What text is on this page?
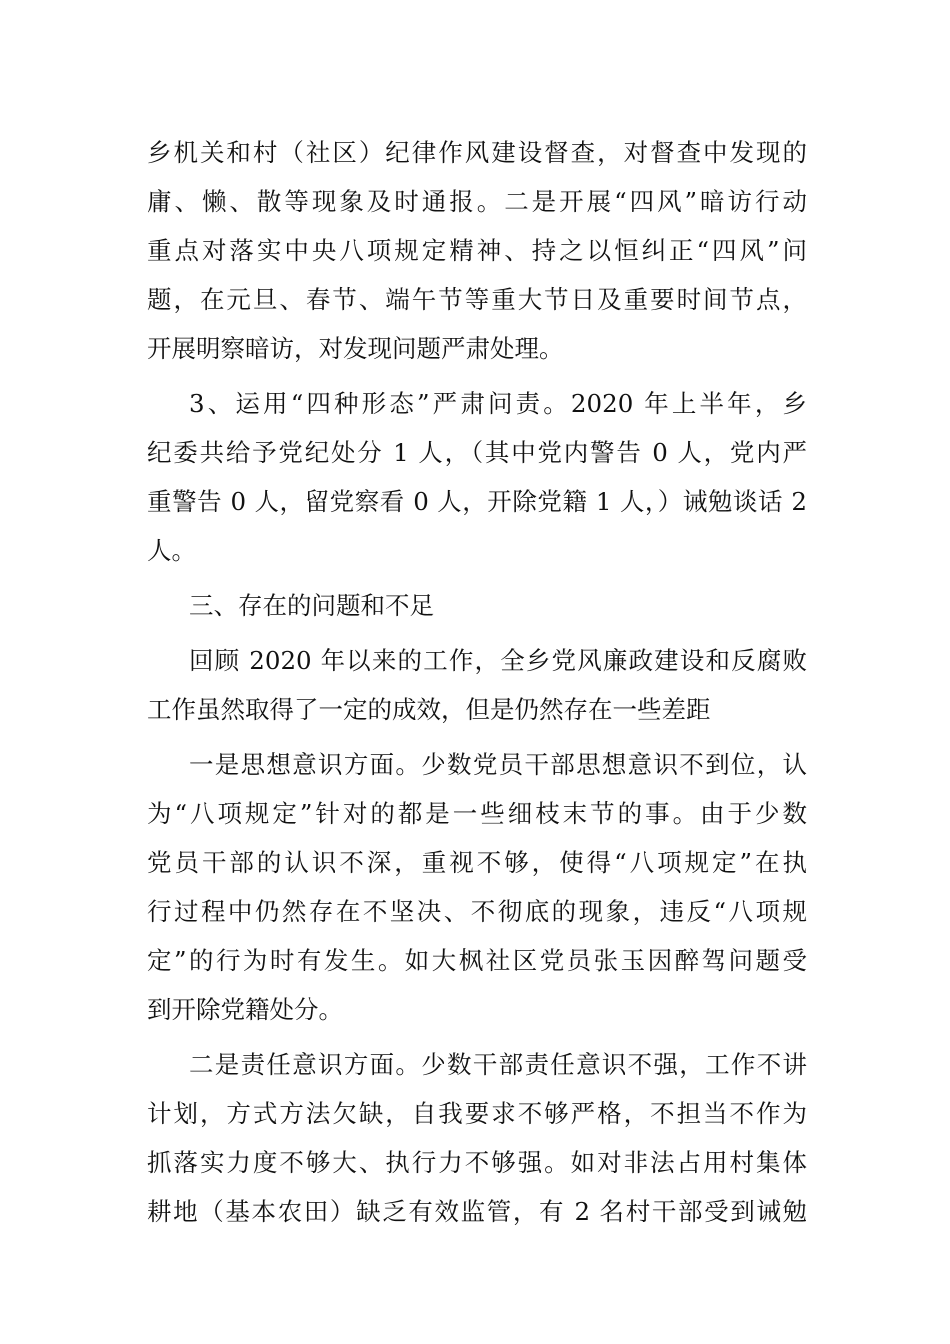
乡机关和村（社区）纪律作风建设督查，对督查中发现的
庸、懒、散等现象及时通报。二是开展“四风”暗访行动
重点对落实中央八项规定精神、持之以恒纠正“四风”问
题，在元旦、春节、端午节等重大节日及重要时间节点，
开展明察暗访，对发现问题严肃处理。
3、运用“四种形态”严肃问责。2020 年上半年，乡
纪委共给予党纪处分 1 人，（其中党内警告 0 人，党内严
重警告 0 人，留党察看 0 人，开除党籍 1 人，）诫勉谈话 2
人。
三、存在的问题和不足
回顾 2020 年以来的工作，全乡党风廉政建设和反腐败
工作虽然取得了一定的成效，但是仍然存在一些差距
一是思想意识方面。少数党员干部思想意识不到位，认
为“八项规定”针对的都是一些细枝末节的事。由于少数
党员干部的认识不深，重视不够，使得“八项规定”在执
行过程中仍然存在不坚决、不彻底的现象，违反“八项规
定”的行为时有发生。如大枫社区党员张玉因醉驾问题受
到开除党籍处分。
二是责任意识方面。少数干部责任意识不强，工作不讲
计划，方式方法欠缺，自我要求不够严格，不担当不作为
抓落实力度不够大、执行力不够强。如对非法占用村集体
耕地（基本农田）缺乏有效监管，有 2 名村干部受到诫勉
